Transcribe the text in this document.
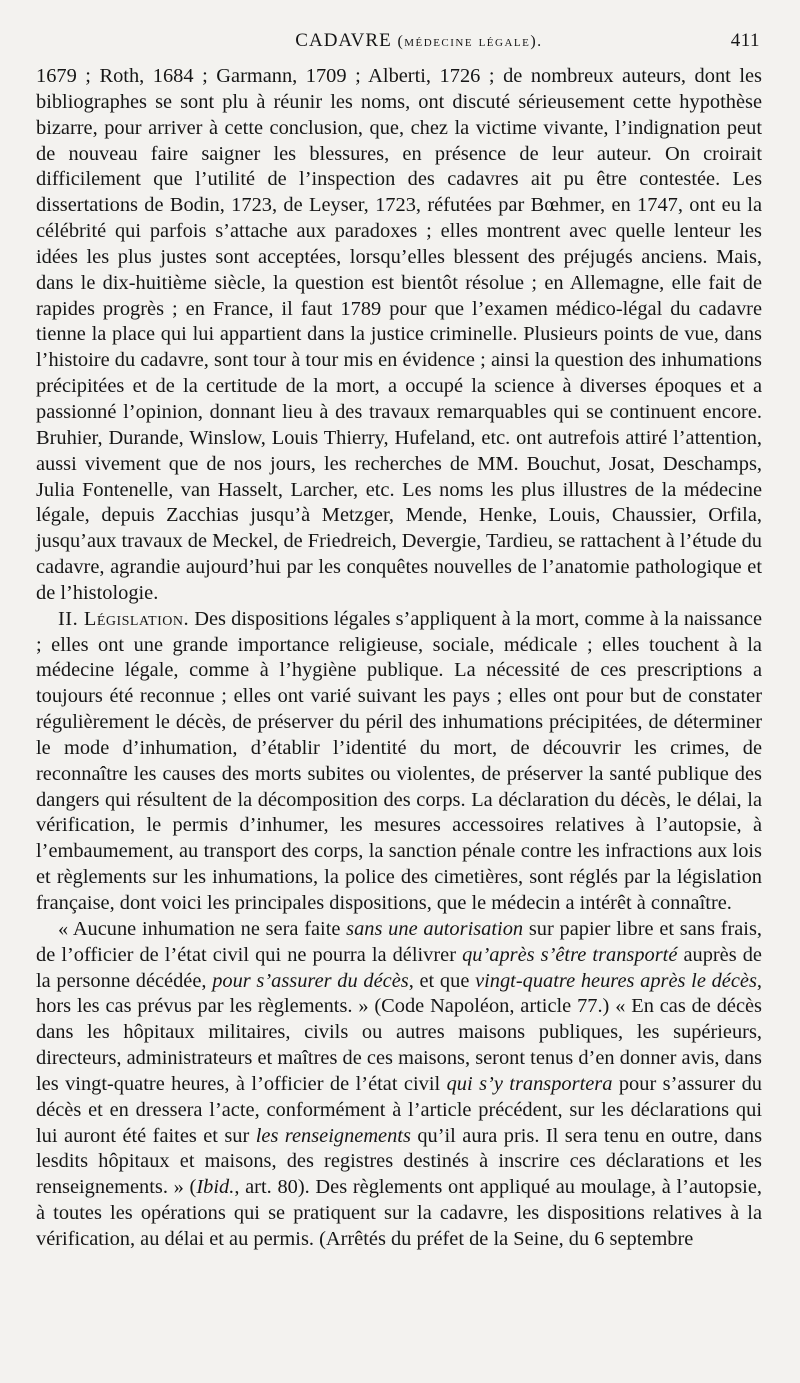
CADAVRE (médecine légale).	411

1679 ; Roth, 1684 ; Garmann, 1709 ; Alberti, 1726 ; de nombreux auteurs, dont les bibliographes se sont plu à réunir les noms, ont discuté sérieusement cette hypothèse bizarre, pour arriver à cette conclusion, que, chez la victime vivante, l’indignation peut de nouveau faire saigner les blessures, en présence de leur auteur. On croirait difficilement que l’utilité de l’inspection des cadavres ait pu être contestée. Les dissertations de Bodin, 1723, de Leyser, 1723, réfutées par Bœhmer, en 1747, ont eu la célébrité qui parfois s’attache aux paradoxes ; elles montrent avec quelle lenteur les idées les plus justes sont acceptées, lorsqu’elles blessent des préjugés anciens. Mais, dans le dix-huitième siècle, la question est bientôt résolue ; en Allemagne, elle fait de rapides progrès ; en France, il faut 1789 pour que l’examen médico-légal du cadavre tienne la place qui lui appartient dans la justice criminelle. Plusieurs points de vue, dans l’histoire du cadavre, sont tour à tour mis en évidence ; ainsi la question des inhumations précipitées et de la certitude de la mort, a occupé la science à diverses époques et a passionné l’opinion, donnant lieu à des travaux remarquables qui se continuent encore. Bruhier, Durande, Winslow, Louis Thierry, Hufeland, etc. ont autrefois attiré l’attention, aussi vivement que de nos jours, les recherches de MM. Bouchut, Josat, Deschamps, Julia Fontenelle, van Hasselt, Larcher, etc. Les noms les plus illustres de la médecine légale, depuis Zacchias jusqu’à Metzger, Mende, Henke, Louis, Chaussier, Orfila, jusqu’aux travaux de Meckel, de Friedreich, Devergie, Tardieu, se rattachent à l’étude du cadavre, agrandie aujourd’hui par les conquêtes nouvelles de l’anatomie pathologique et de l’histologie.

II. Législation. Des dispositions légales s’appliquent à la mort, comme à la naissance ; elles ont une grande importance religieuse, sociale, médicale ; elles touchent à la médecine légale, comme à l’hygiène publique. La nécessité de ces prescriptions a toujours été reconnue ; elles ont varié suivant les pays ; elles ont pour but de constater régulièrement le décès, de préserver du péril des inhumations précipitées, de déterminer le mode d’inhumation, d’établir l’identité du mort, de découvrir les crimes, de reconnaître les causes des morts subites ou violentes, de préserver la santé publique des dangers qui résultent de la décomposition des corps. La déclaration du décès, le délai, la vérification, le permis d’inhumer, les mesures accessoires relatives à l’autopsie, à l’embaumement, au transport des corps, la sanction pénale contre les infractions aux lois et règlements sur les inhumations, la police des cimetières, sont réglés par la législation française, dont voici les principales dispositions, que le médecin a intérêt à connaître.

« Aucune inhumation ne sera faite sans une autorisation sur papier libre et sans frais, de l’officier de l’état civil qui ne pourra la délivrer qu’après s’être transporté auprès de la personne décédée, pour s’assurer du décès, et que vingt-quatre heures après le décès, hors les cas prévus par les règlements. » (Code Napoléon, article 77.) « En cas de décès dans les hôpitaux militaires, civils ou autres maisons publiques, les supérieurs, directeurs, administrateurs et maîtres de ces maisons, seront tenus d’en donner avis, dans les vingt-quatre heures, à l’officier de l’état civil qui s’y transportera pour s’assurer du décès et en dressera l’acte, conformément à l’article précédent, sur les déclarations qui lui auront été faites et sur les renseignements qu’il aura pris. Il sera tenu en outre, dans lesdits hôpitaux et maisons, des registres destinés à inscrire ces déclarations et les renseignements. » (Ibid., art. 80). Des règlements ont appliqué au moulage, à l’autopsie, à toutes les opérations qui se pratiquent sur la cadavre, les dispositions relatives à la vérification, au délai et au permis. (Arrêtés du préfet de la Seine, du 6 septembre
